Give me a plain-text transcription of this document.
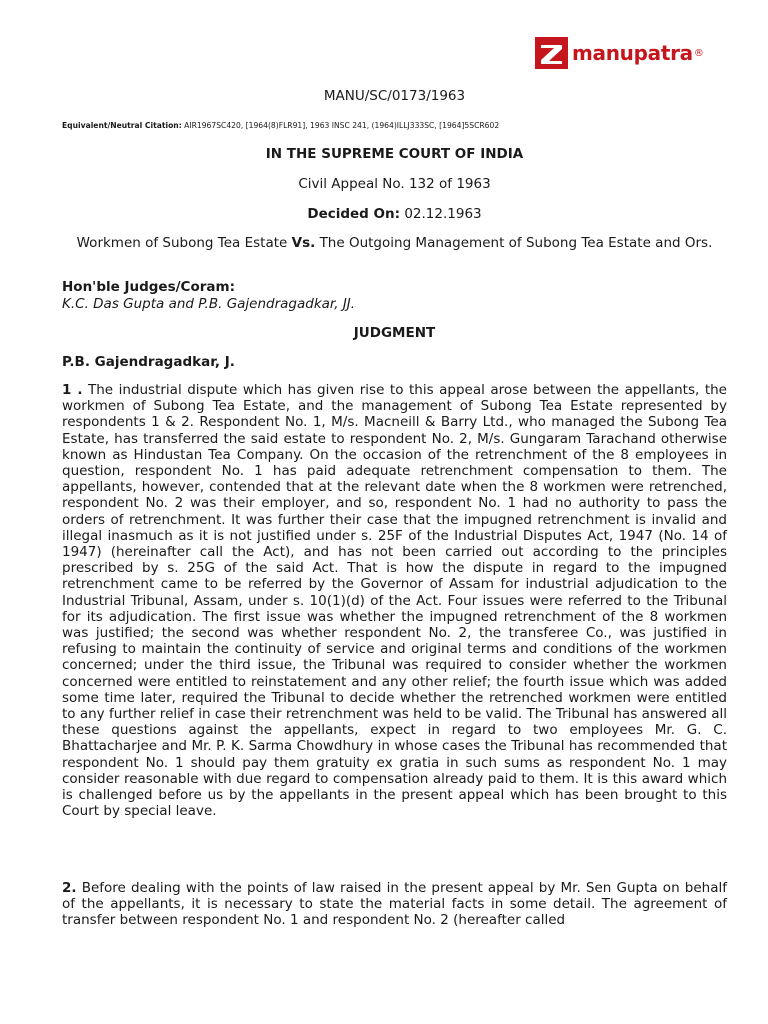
manupatra ®
MANU/SC/0173/1963
Equivalent/Neutral Citation: AIR1967SC420, [1964(8)FLR91], 1963 INSC 241, (1964)ILLJ333SC, [1964]5SCR602
IN THE SUPREME COURT OF INDIA
Civil Appeal No. 132 of 1963
Decided On: 02.12.1963
Workmen of Subong Tea Estate Vs. The Outgoing Management of Subong Tea Estate and Ors.
Hon'ble Judges/Coram:
K.C. Das Gupta and P.B. Gajendragadkar, JJ.
JUDGMENT
P.B. Gajendragadkar, J.

1 . The industrial dispute which has given rise to this appeal arose between the appellants, the workmen of Subong Tea Estate, and the management of Subong Tea Estate represented by respondents 1 & 2. Respondent No. 1, M/s. Macneill & Barry Ltd., who managed the Subong Tea Estate, has transferred the said estate to respondent No. 2, M/s. Gungaram Tarachand otherwise known as Hindustan Tea Company. On the occasion of the retrenchment of the 8 employees in question, respondent No. 1 has paid adequate retrenchment compensation to them. The appellants, however, contended that at the relevant date when the 8 workmen were retrenched, respondent No. 2 was their employer, and so, respondent No. 1 had no authority to pass the orders of retrenchment. It was further their case that the impugned retrenchment is invalid and illegal inasmuch as it is not justified under s. 25F of the Industrial Disputes Act, 1947 (No. 14 of 1947) (hereinafter call the Act), and has not been carried out according to the principles prescribed by s. 25G of the said Act. That is how the dispute in regard to the impugned retrenchment came to be referred by the Governor of Assam for industrial adjudication to the Industrial Tribunal, Assam, under s. 10(1)(d) of the Act. Four issues were referred to the Tribunal for its adjudication. The first issue was whether the impugned retrenchment of the 8 workmen was justified; the second was whether respondent No. 2, the transferee Co., was justified in refusing to maintain the continuity of service and original terms and conditions of the workmen concerned; under the third issue, the Tribunal was required to consider whether the workmen concerned were entitled to reinstatement and any other relief; the fourth issue which was added some time later, required the Tribunal to decide whether the retrenched workmen were entitled to any further relief in case their retrenchment was held to be valid. The Tribunal has answered all these questions against the appellants, expect in regard to two employees Mr. G. C. Bhattacharjee and Mr. P. K. Sarma Chowdhury in whose cases the Tribunal has recommended that respondent No. 1 should pay them gratuity ex gratia in such sums as respondent No. 1 may consider reasonable with due regard to compensation already paid to them. It is this award which is challenged before us by the appellants in the present appeal which has been brought to this Court by special leave.

2. Before dealing with the points of law raised in the present appeal by Mr. Sen Gupta on behalf of the appellants, it is necessary to state the material facts in some detail. The agreement of transfer between respondent No. 1 and respondent No. 2 (hereafter called
